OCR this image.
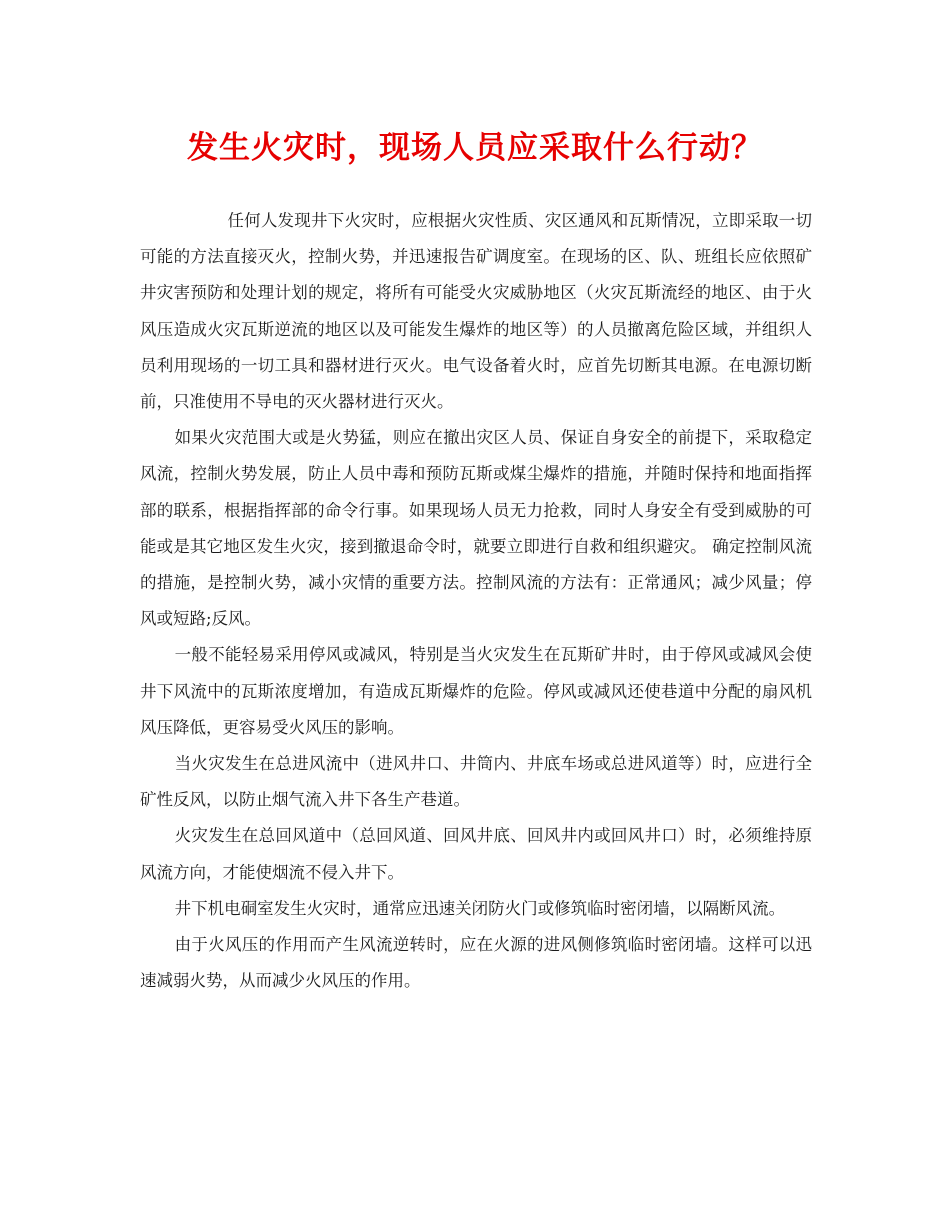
发生火灾时，现场人员应采取什么行动？

任何人发现井下火灾时，应根据火灾性质、灾区通风和瓦斯情况，立即采取一切可能的方法直接灭火，控制火势，并迅速报告矿调度室。在现场的区、队、班组长应依照矿井灾害预防和处理计划的规定，将所有可能受火灾威胁地区（火灾瓦斯流经的地区、由于火风压造成火灾瓦斯逆流的地区以及可能发生爆炸的地区等）的人员撤离危险区域，并组织人员利用现场的一切工具和器材进行灭火。电气设备着火时，应首先切断其电源。在电源切断前，只准使用不导电的灭火器材进行灭火。

如果火灾范围大或是火势猛，则应在撤出灾区人员、保证自身安全的前提下，采取稳定风流，控制火势发展，防止人员中毒和预防瓦斯或煤尘爆炸的措施，并随时保持和地面指挥部的联系，根据指挥部的命令行事。如果现场人员无力抢救，同时人身安全有受到威胁的可能或是其它地区发生火灾，接到撤退命令时，就要立即进行自救和组织避灾。 确定控制风流的措施，是控制火势，减小灾情的重要方法。控制风流的方法有：正常通风；减少风量；停风或短路;反风。

一般不能轻易采用停风或减风，特别是当火灾发生在瓦斯矿井时，由于停风或减风会使井下风流中的瓦斯浓度增加，有造成瓦斯爆炸的危险。停风或减风还使巷道中分配的扇风机风压降低，更容易受火风压的影响。

当火灾发生在总进风流中（进风井口、井筒内、井底车场或总进风道等）时，应进行全矿性反风，以防止烟气流入井下各生产巷道。

火灾发生在总回风道中（总回风道、回风井底、回风井内或回风井口）时，必须维持原风流方向，才能使烟流不侵入井下。

井下机电硐室发生火灾时，通常应迅速关闭防火门或修筑临时密闭墙，以隔断风流。

由于火风压的作用而产生风流逆转时，应在火源的进风侧修筑临时密闭墙。这样可以迅速减弱火势，从而减少火风压的作用。
